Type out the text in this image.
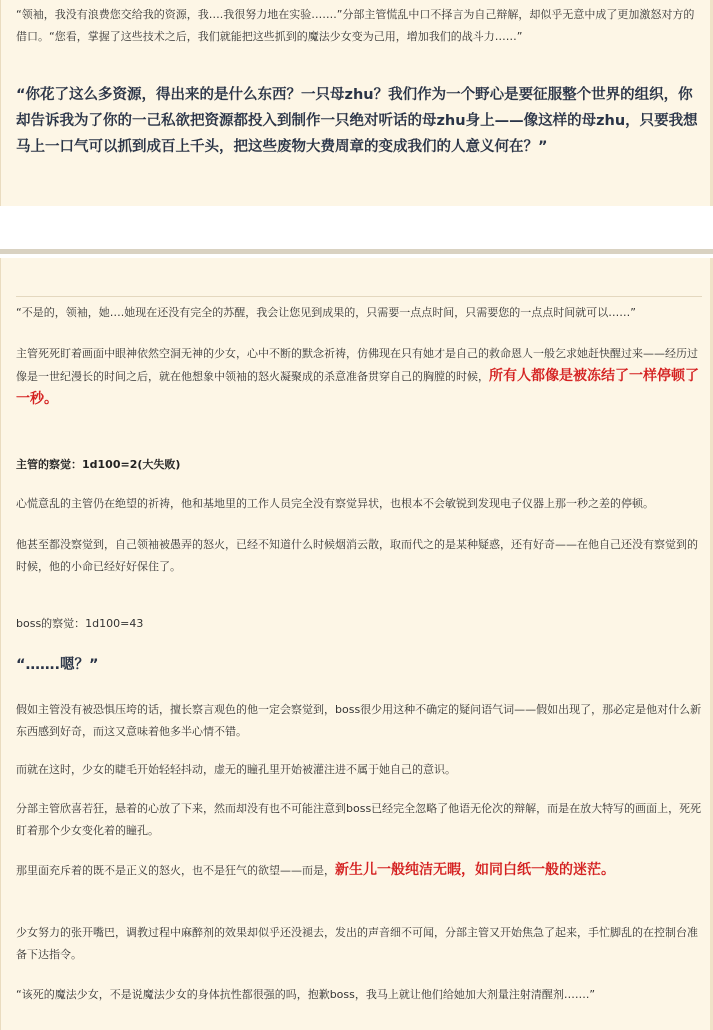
“领袖，我没有浪费您交给我的资源，我….我很努力地在实验…….”分部主管慌乱中口不择言为自己辩解，却似乎无意中成了更加激怒对方的借口。“您看，掌握了这些技术之后，我们就能把这些抓到的魔法少女变为己用，增加我们的战斗力……”

“你花了这么多资源，得出来的是什么东西？一只母zhu？我们作为一个野心是要征服整个世界的组织，你却告诉我为了你的一己私欲把资源都投入到制作一只绝对听话的母zhu身上——像这样的母zhu，只要我想马上一口气可以抓到成百上千头，把这些废物大费周章的变成我们的人意义何在？”

“不是的，领袖，她….她现在还没有完全的苏醒，我会让您见到成果的，只需要一点点时间，只需要您的一点点时间就可以……”

主管死死盯着画面中眼神依然空洞无神的少女，心中不断的默念祈祷，仿佛现在只有她才是自己的救命恩人一般乞求她赶快醒过来——经历过像是一世纪漫长的时间之后，就在他想象中领袖的怒火凝聚成的杀意准备贯穿自己的胸膛的时候，所有人都像是被冻结了一样停顿了一秒。

主管的察觉：1d100=2(大失败)

心慌意乱的主管仍在绝望的祈祷，他和基地里的工作人员完全没有察觉异状，也根本不会敏锐到发现电子仪器上那一秒之差的停顿。

他甚至都没察觉到，自己领袖被愚弄的怒火，已经不知道什么时候烟消云散，取而代之的是某种疑惑，还有好奇——在他自己还没有察觉到的时候，他的小命已经好好保住了。

boss的察觉：1d100=43

“…….嗯？”

假如主管没有被恐惧压垮的话，擅长察言观色的他一定会察觉到，boss很少用这种不确定的疑问语气词——假如出现了，那必定是他对什么新东西感到好奇，而这又意味着他多半心情不错。

而就在这时，少女的睫毛开始轻轻抖动，虚无的瞳孔里开始被灌注进不属于她自己的意识。

分部主管欣喜若狂，悬着的心放了下来，然而却没有也不可能注意到boss已经完全忽略了他语无伦次的辩解，而是在放大特写的画面上，死死盯着那个少女变化着的瞳孔。

那里面充斥着的既不是正义的怒火，也不是狂气的欲望——而是，新生儿一般纯洁无暇，如同白纸一般的迷茫。

少女努力的张开嘴巴，调教过程中麻醉剂的效果却似乎还没褪去，发出的声音细不可闻，分部主管又开始焦急了起来，手忙脚乱的在控制台准备下达指令。

“该死的魔法少女，不是说魔法少女的身体抗性都很强的吗，抱歉boss，我马上就让他们给她加大剂量注射清醒剂…….”
